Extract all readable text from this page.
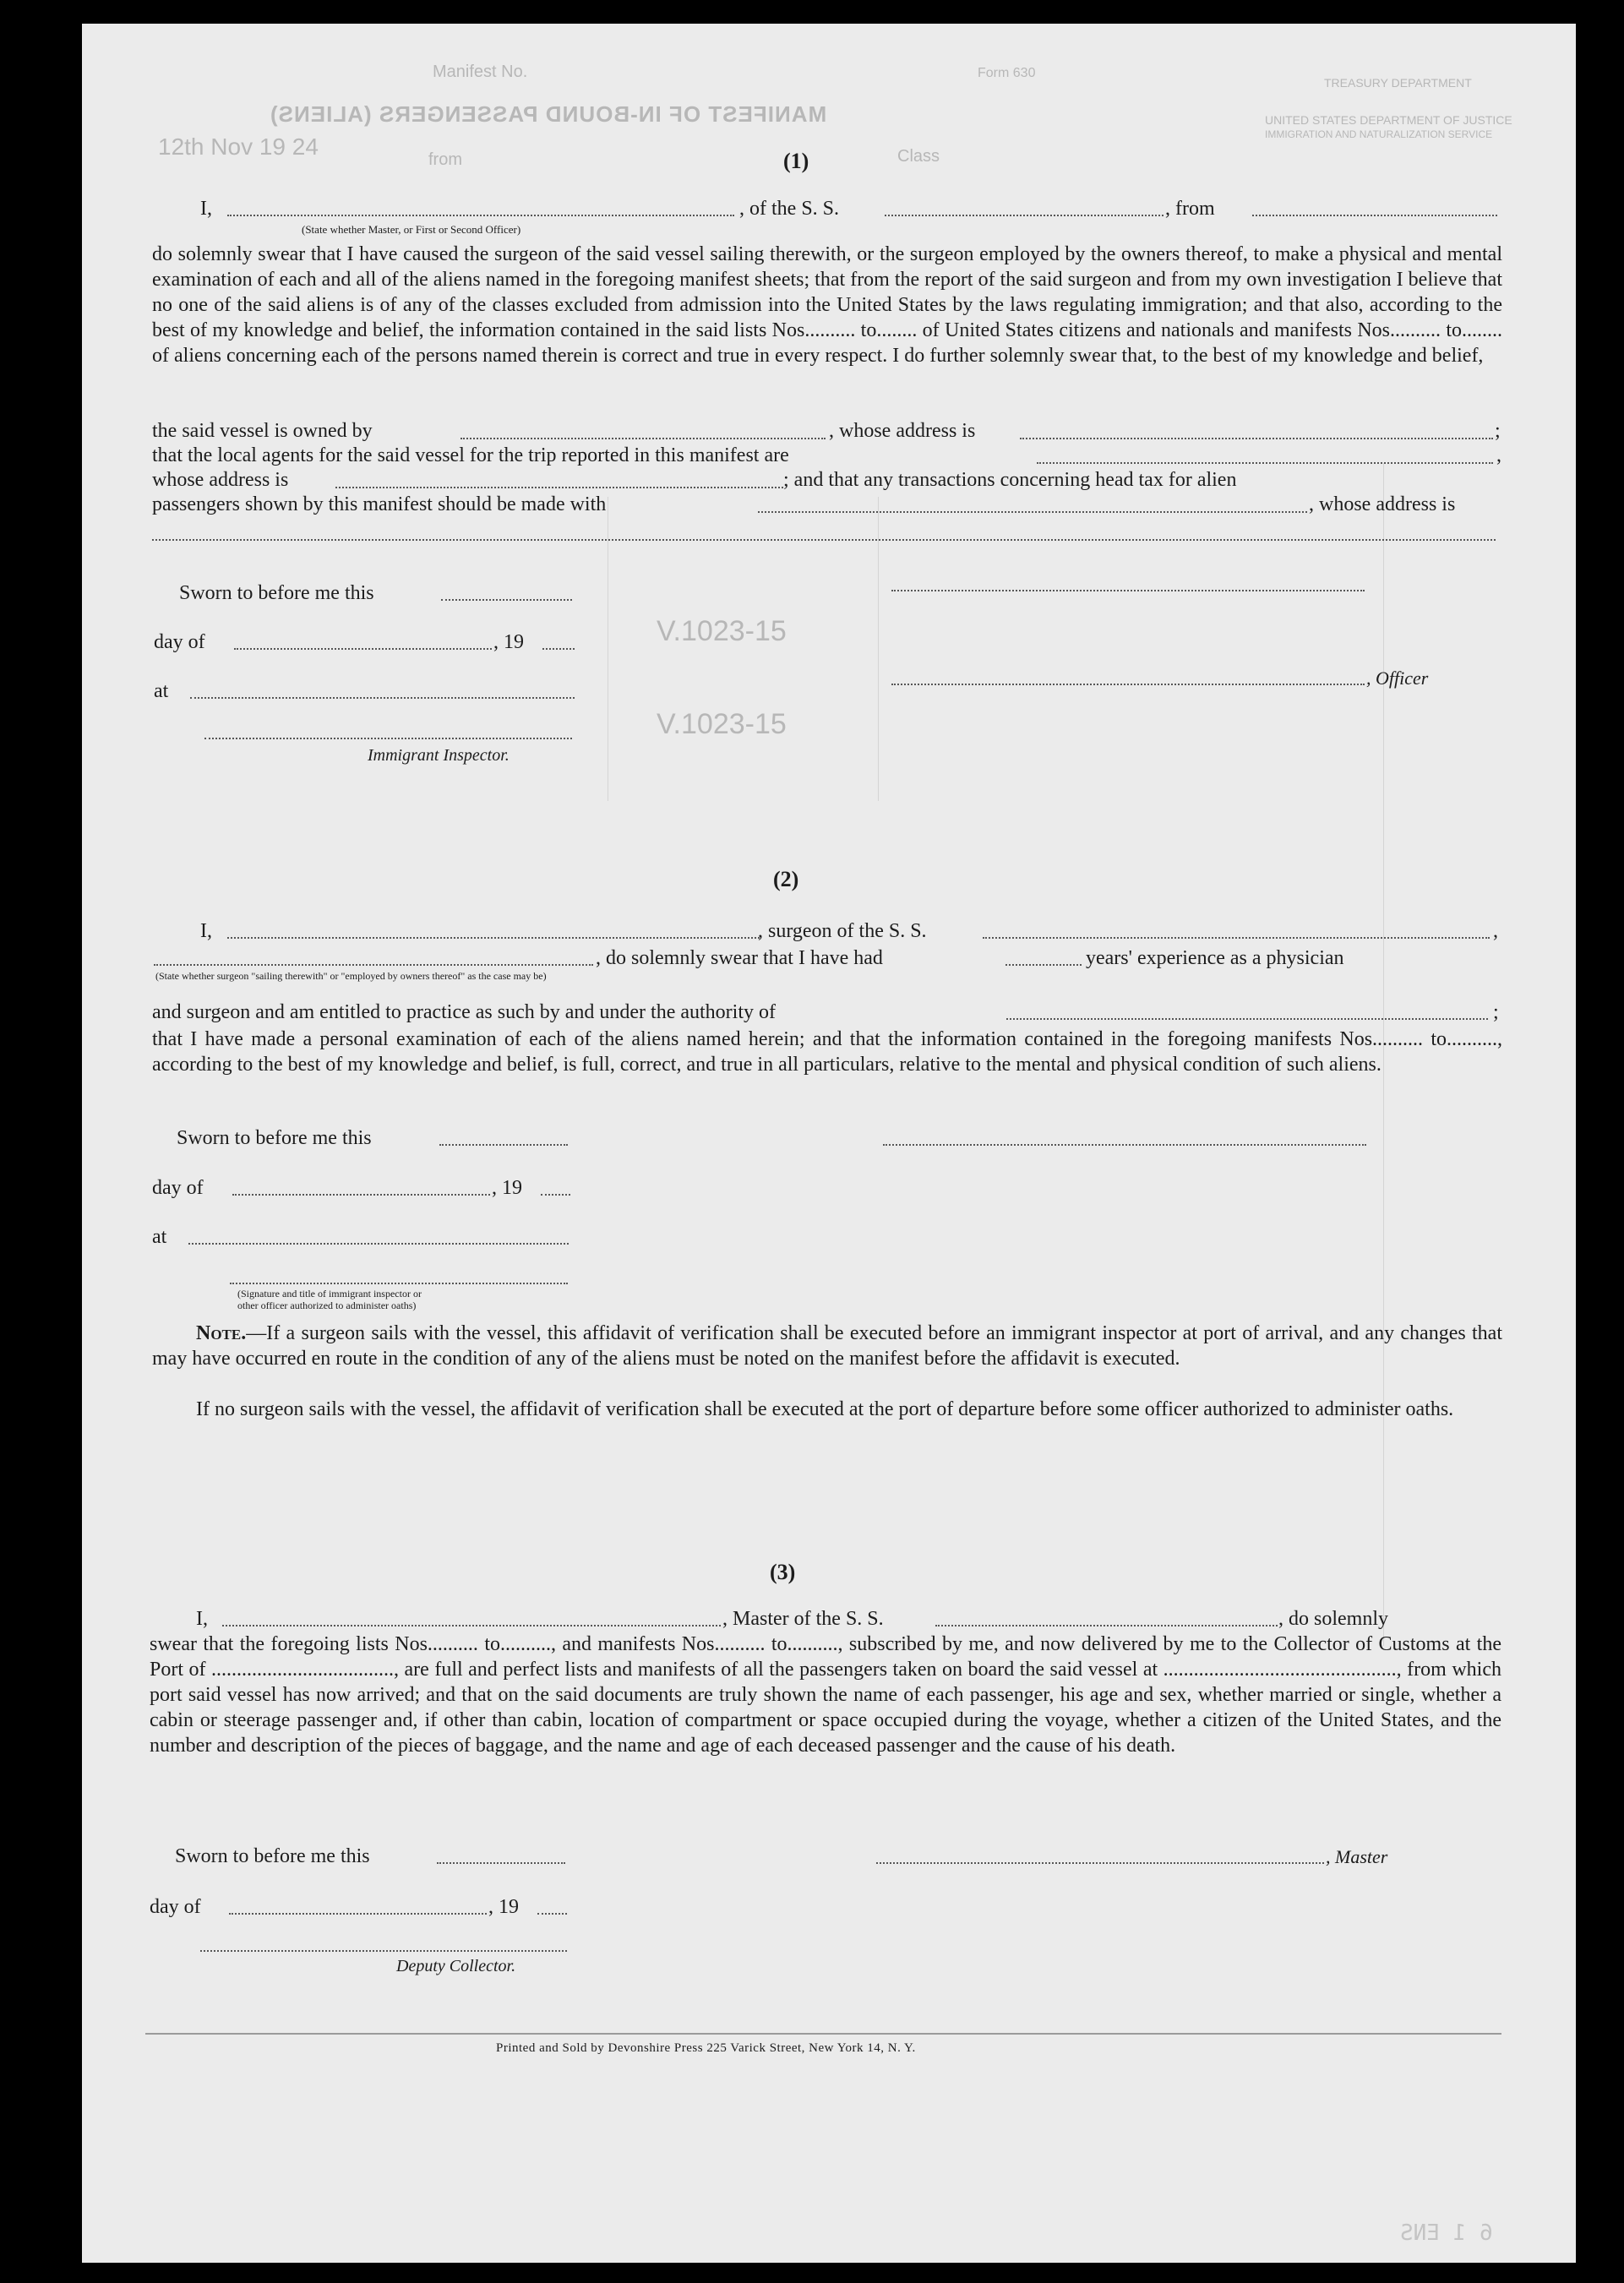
Manifest No.
MANIFEST OF IN-BOUND PASSENGERS (ALIENS)
12th Nov 19 24	from	Class
Form 630
TREASURY DEPARTMENT
UNITED STATES DEPARTMENT OF JUSTICE
IMMIGRATION AND NATURALIZATION SERVICE
V.1023-15
V.1023-15
(1)
I,	, of the S. S.	, from
(State whether Master, or First or Second Officer)
do solemnly swear that I have caused the surgeon of the said vessel sailing therewith, or the surgeon employed by the owners thereof, to make a physical and mental examination of each and all of the aliens named in the foregoing manifest sheets; that from the report of the said surgeon and from my own investigation I believe that no one of the said aliens is of any of the classes excluded from admission into the United States by the laws regulating immigration; and that also, according to the best of my knowledge and belief, the information contained in the said lists Nos.......... to........ of United States citizens and nationals and manifests Nos.......... to........ of aliens concerning each of the persons named therein is correct and true in every respect. I do further solemnly swear that, to the best of my knowledge and belief,
the said vessel is owned by	, whose address is	;
that the local agents for the said vessel for the trip reported in this manifest are	,
whose address is	; and that any transactions concerning head tax for alien
passengers shown by this manifest should be made with	, whose address is
Sworn to before me this
day of	, 19
at
Immigrant Inspector.
, Officer
(2)
I,	, surgeon of the S. S.	,
, do solemnly swear that I have had	years' experience as a physician
(State whether surgeon "sailing therewith" or "employed by owners thereof" as the case may be)
and surgeon and am entitled to practice as such by and under the authority of	;
that I have made a personal examination of each of the aliens named herein; and that the information contained in the foregoing manifests Nos.......... to.........., according to the best of my knowledge and belief, is full, correct, and true in all particulars, relative to the mental and physical condition of such aliens.
Sworn to before me this
day of	, 19
at
(Signature and title of immigrant inspector or
other officer authorized to administer oaths)
Note.—If a surgeon sails with the vessel, this affidavit of verification shall be executed before an immigrant inspector at port of arrival, and any changes that may have occurred en route in the condition of any of the aliens must be noted on the manifest before the affidavit is executed.
If no surgeon sails with the vessel, the affidavit of verification shall be executed at the port of departure before some officer authorized to administer oaths.
(3)
I,	, Master of the S. S.	, do solemnly
swear that the foregoing lists Nos.......... to.........., and manifests Nos.......... to.........., subscribed by me, and now delivered by me to the Collector of Customs at the Port of ...................................., are full and perfect lists and manifests of all the passengers taken on board the said vessel at .............................................., from which port said vessel has now arrived; and that on the said documents are truly shown the name of each passenger, his age and sex, whether married or single, whether a cabin or steerage passenger and, if other than cabin, location of compartment or space occupied during the voyage, whether a citizen of the United States, and the number and description of the pieces of baggage, and the name and age of each deceased passenger and the cause of his death.
Sworn to before me this	, Master
day of	, 19
Deputy Collector.
Printed and Sold by Devonshire Press 225 Varick Street, New York 14, N. Y.
6 1 ENS
